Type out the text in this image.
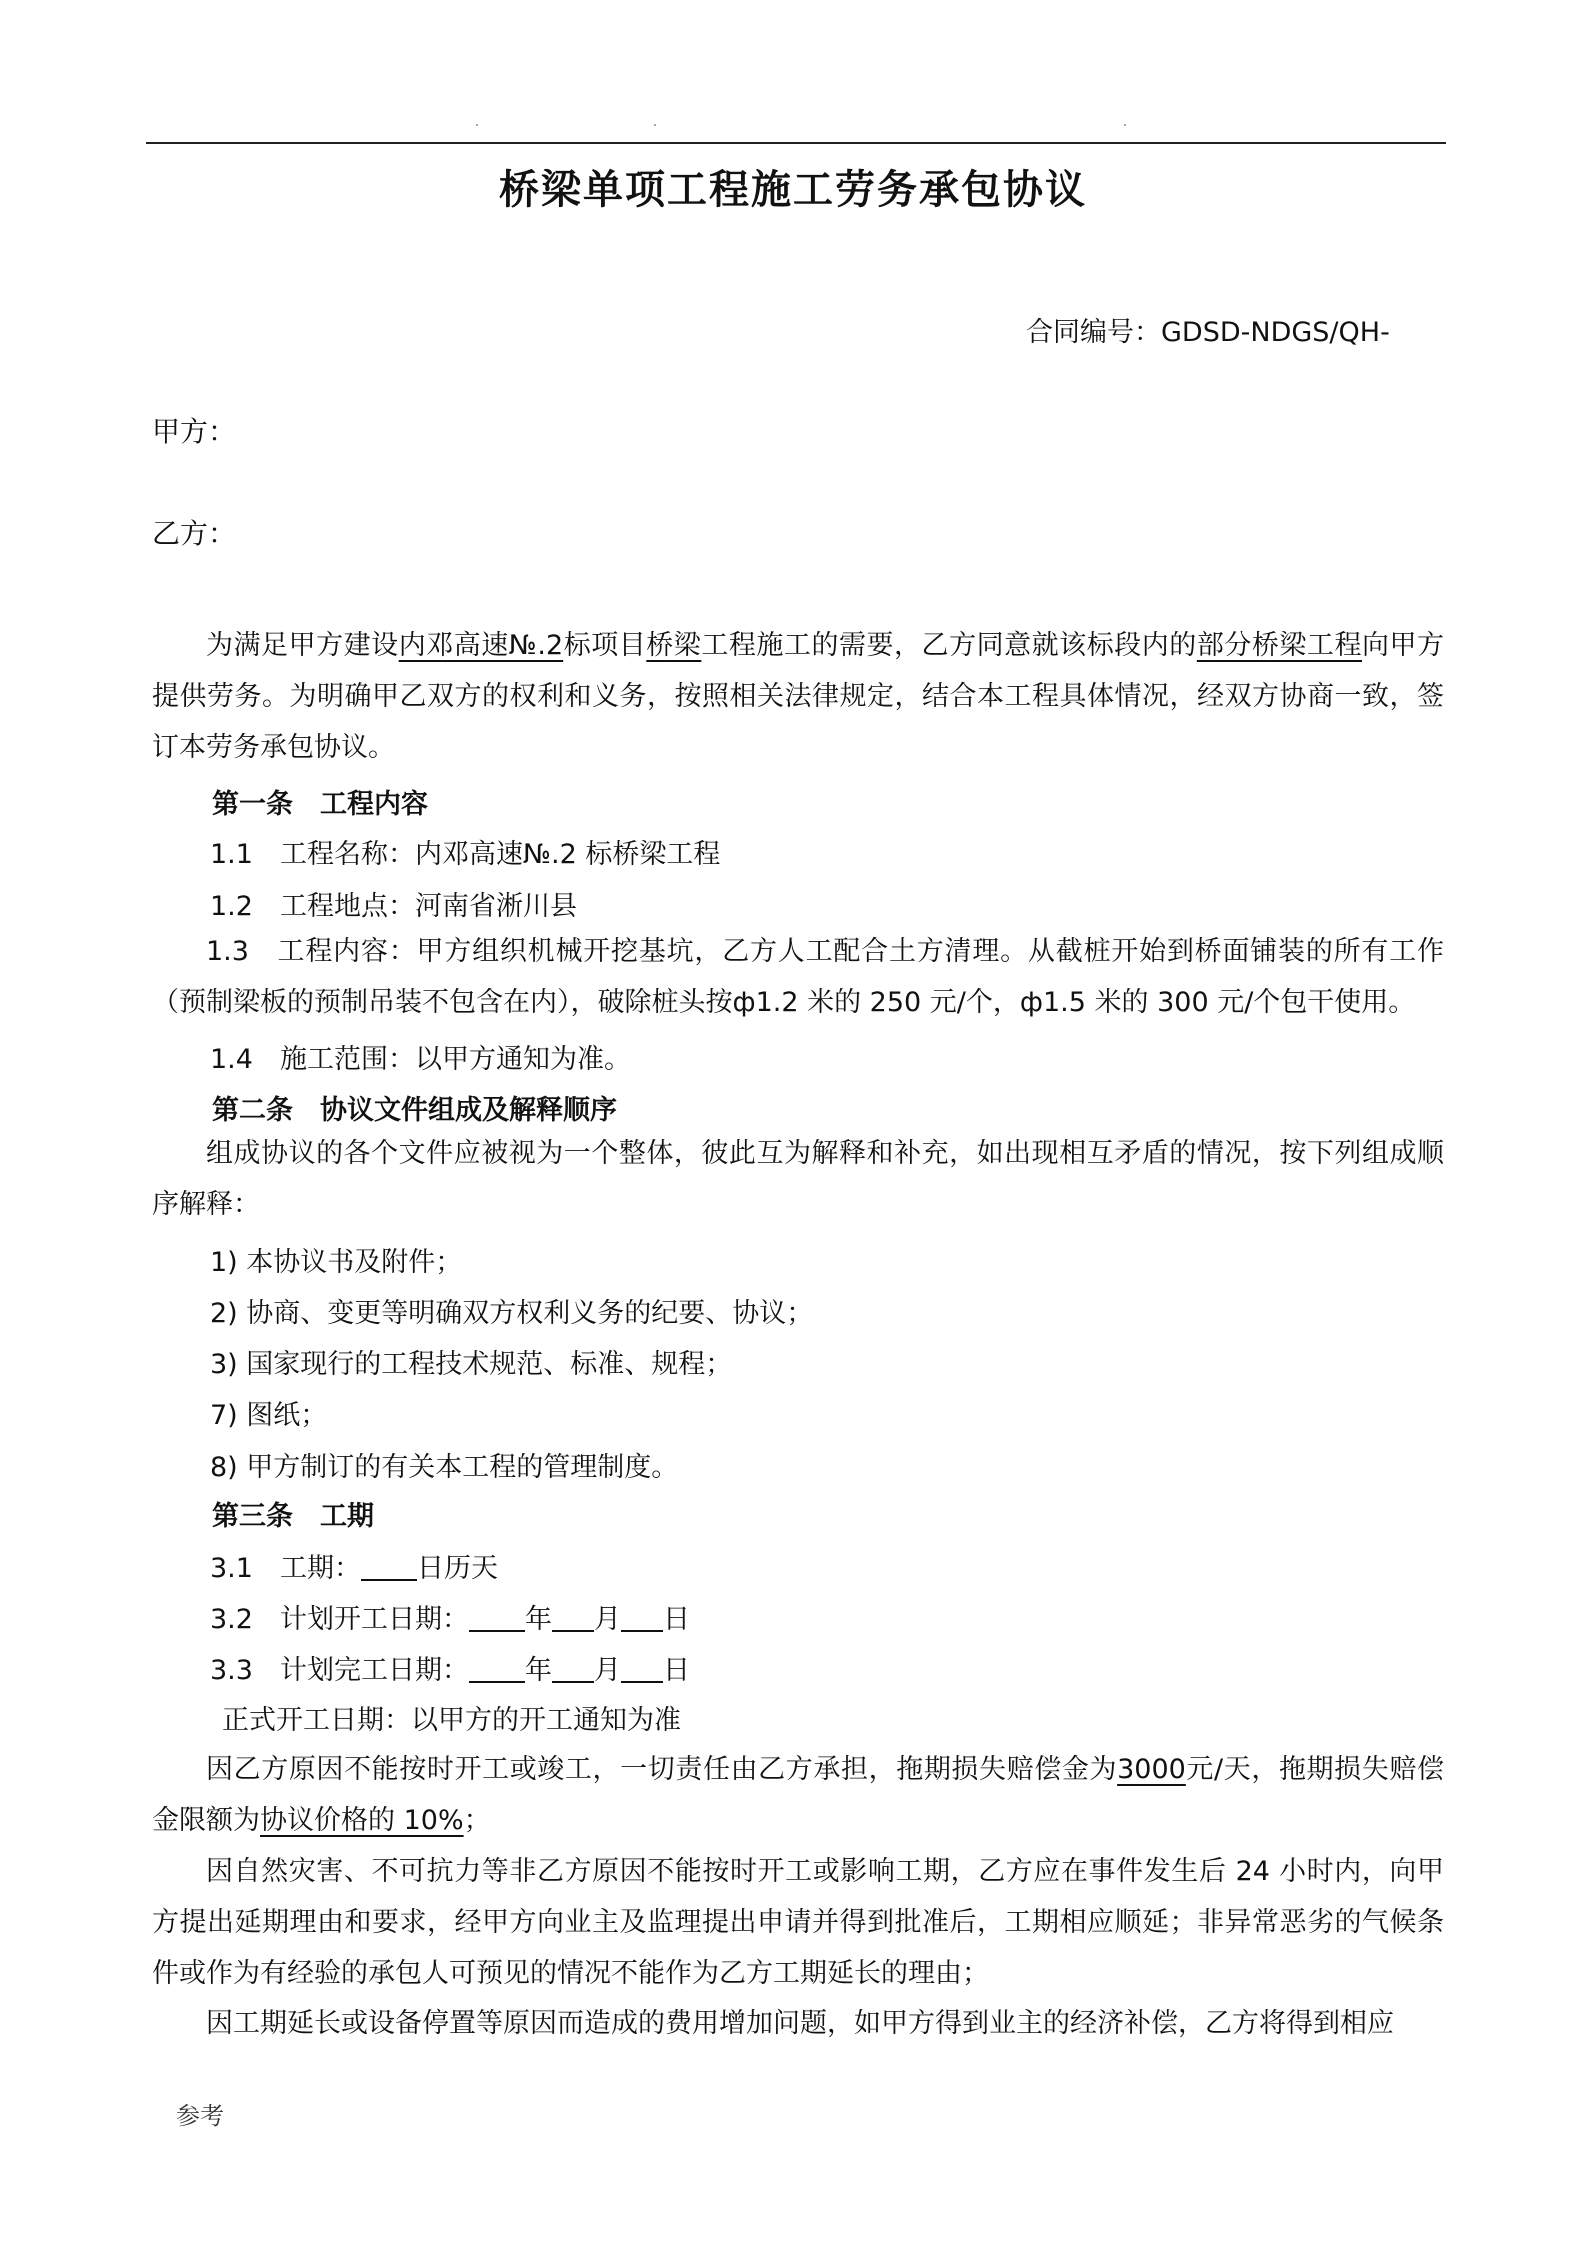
桥梁单项工程施工劳务承包协议
合同编号：GDSD-NDGS/QH-
甲方：
乙方：
为满足甲方建设内邓高速№.2标项目桥梁工程施工的需要，乙方同意就该标段内的部分桥梁工程向甲方提供劳务。为明确甲乙双方的权利和义务，按照相关法律规定，结合本工程具体情况，经双方协商一致，签订本劳务承包协议。
第一条　工程内容
1.1　工程名称：内邓高速№.2 标桥梁工程
1.2　工程地点：河南省淅川县
1.3　工程内容：甲方组织机械开挖基坑，乙方人工配合土方清理。从截桩开始到桥面铺装的所有工作（预制梁板的预制吊装不包含在内），破除桩头按ф1.2 米的 250 元/个，ф1.5 米的 300 元/个包干使用。
1.4　施工范围：以甲方通知为准。
第二条　协议文件组成及解释顺序
组成协议的各个文件应被视为一个整体，彼此互为解释和补充，如出现相互矛盾的情况，按下列组成顺序解释：
1) 本协议书及附件；
2) 协商、变更等明确双方权利义务的纪要、协议；
3) 国家现行的工程技术规范、标准、规程；
7) 图纸；
8) 甲方制订的有关本工程的管理制度。
第三条　工期
3.1　工期： 日历天
3.2　计划开工日期： 年 月 日
3.3　计划完工日期： 年 月 日
正式开工日期：以甲方的开工通知为准
因乙方原因不能按时开工或竣工，一切责任由乙方承担，拖期损失赔偿金为3000元/天，拖期损失赔偿金限额为协议价格的 10%；
因自然灾害、不可抗力等非乙方原因不能按时开工或影响工期，乙方应在事件发生后 24 小时内，向甲方提出延期理由和要求，经甲方向业主及监理提出申请并得到批准后，工期相应顺延；非异常恶劣的气候条件或作为有经验的承包人可预见的情况不能作为乙方工期延长的理由；
因工期延长或设备停置等原因而造成的费用增加问题，如甲方得到业主的经济补偿，乙方将得到相应
参考
